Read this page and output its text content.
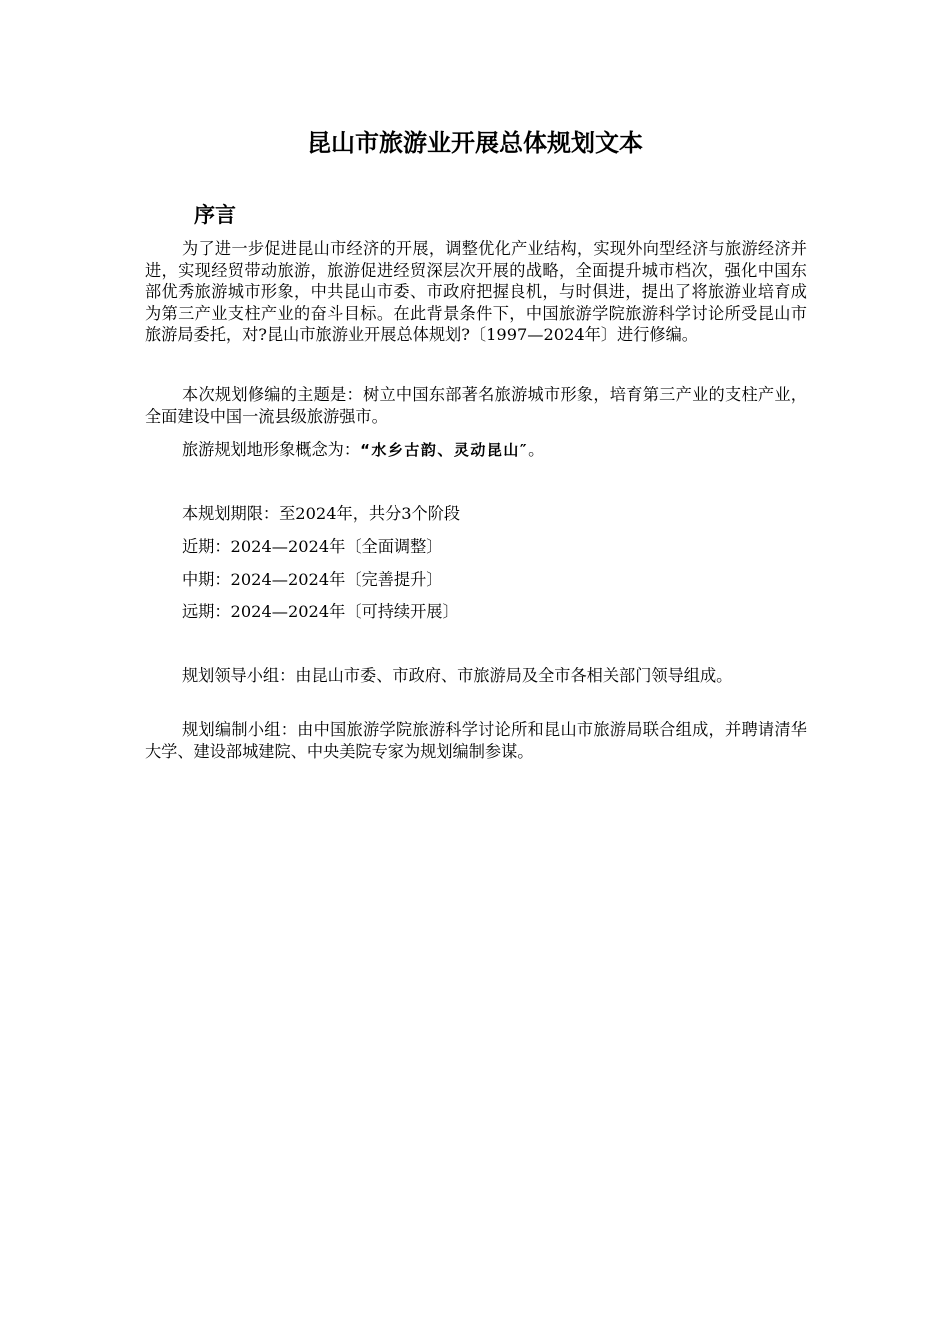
昆山市旅游业开展总体规划文本
序言

为了进一步促进昆山市经济的开展，调整优化产业结构，实现外向型经济与旅游经济并进，实现经贸带动旅游，旅游促进经贸深层次开展的战略，全面提升城市档次，强化中国东部优秀旅游城市形象，中共昆山市委、市政府把握良机，与时俱进，提出了将旅游业培育成为第三产业支柱产业的奋斗目标。在此背景条件下，中国旅游学院旅游科学讨论所受昆山市旅游局委托，对?昆山市旅游业开展总体规划?〔1997—2024年〕进行修编。

本次规划修编的主题是：树立中国东部著名旅游城市形象，培育第三产业的支柱产业，全面建设中国一流县级旅游强市。

旅游规划地形象概念为：“水乡古韵、灵动昆山″。

本规划期限：至2024年，共分3个阶段

近期：2024—2024年〔全面调整〕

中期：2024—2024年〔完善提升〕

远期：2024—2024年〔可持续开展〕

规划领导小组：由昆山市委、市政府、市旅游局及全市各相关部门领导组成。

规划编制小组：由中国旅游学院旅游科学讨论所和昆山市旅游局联合组成，并聘请清华大学、建设部城建院、中央美院专家为规划编制参谋。
